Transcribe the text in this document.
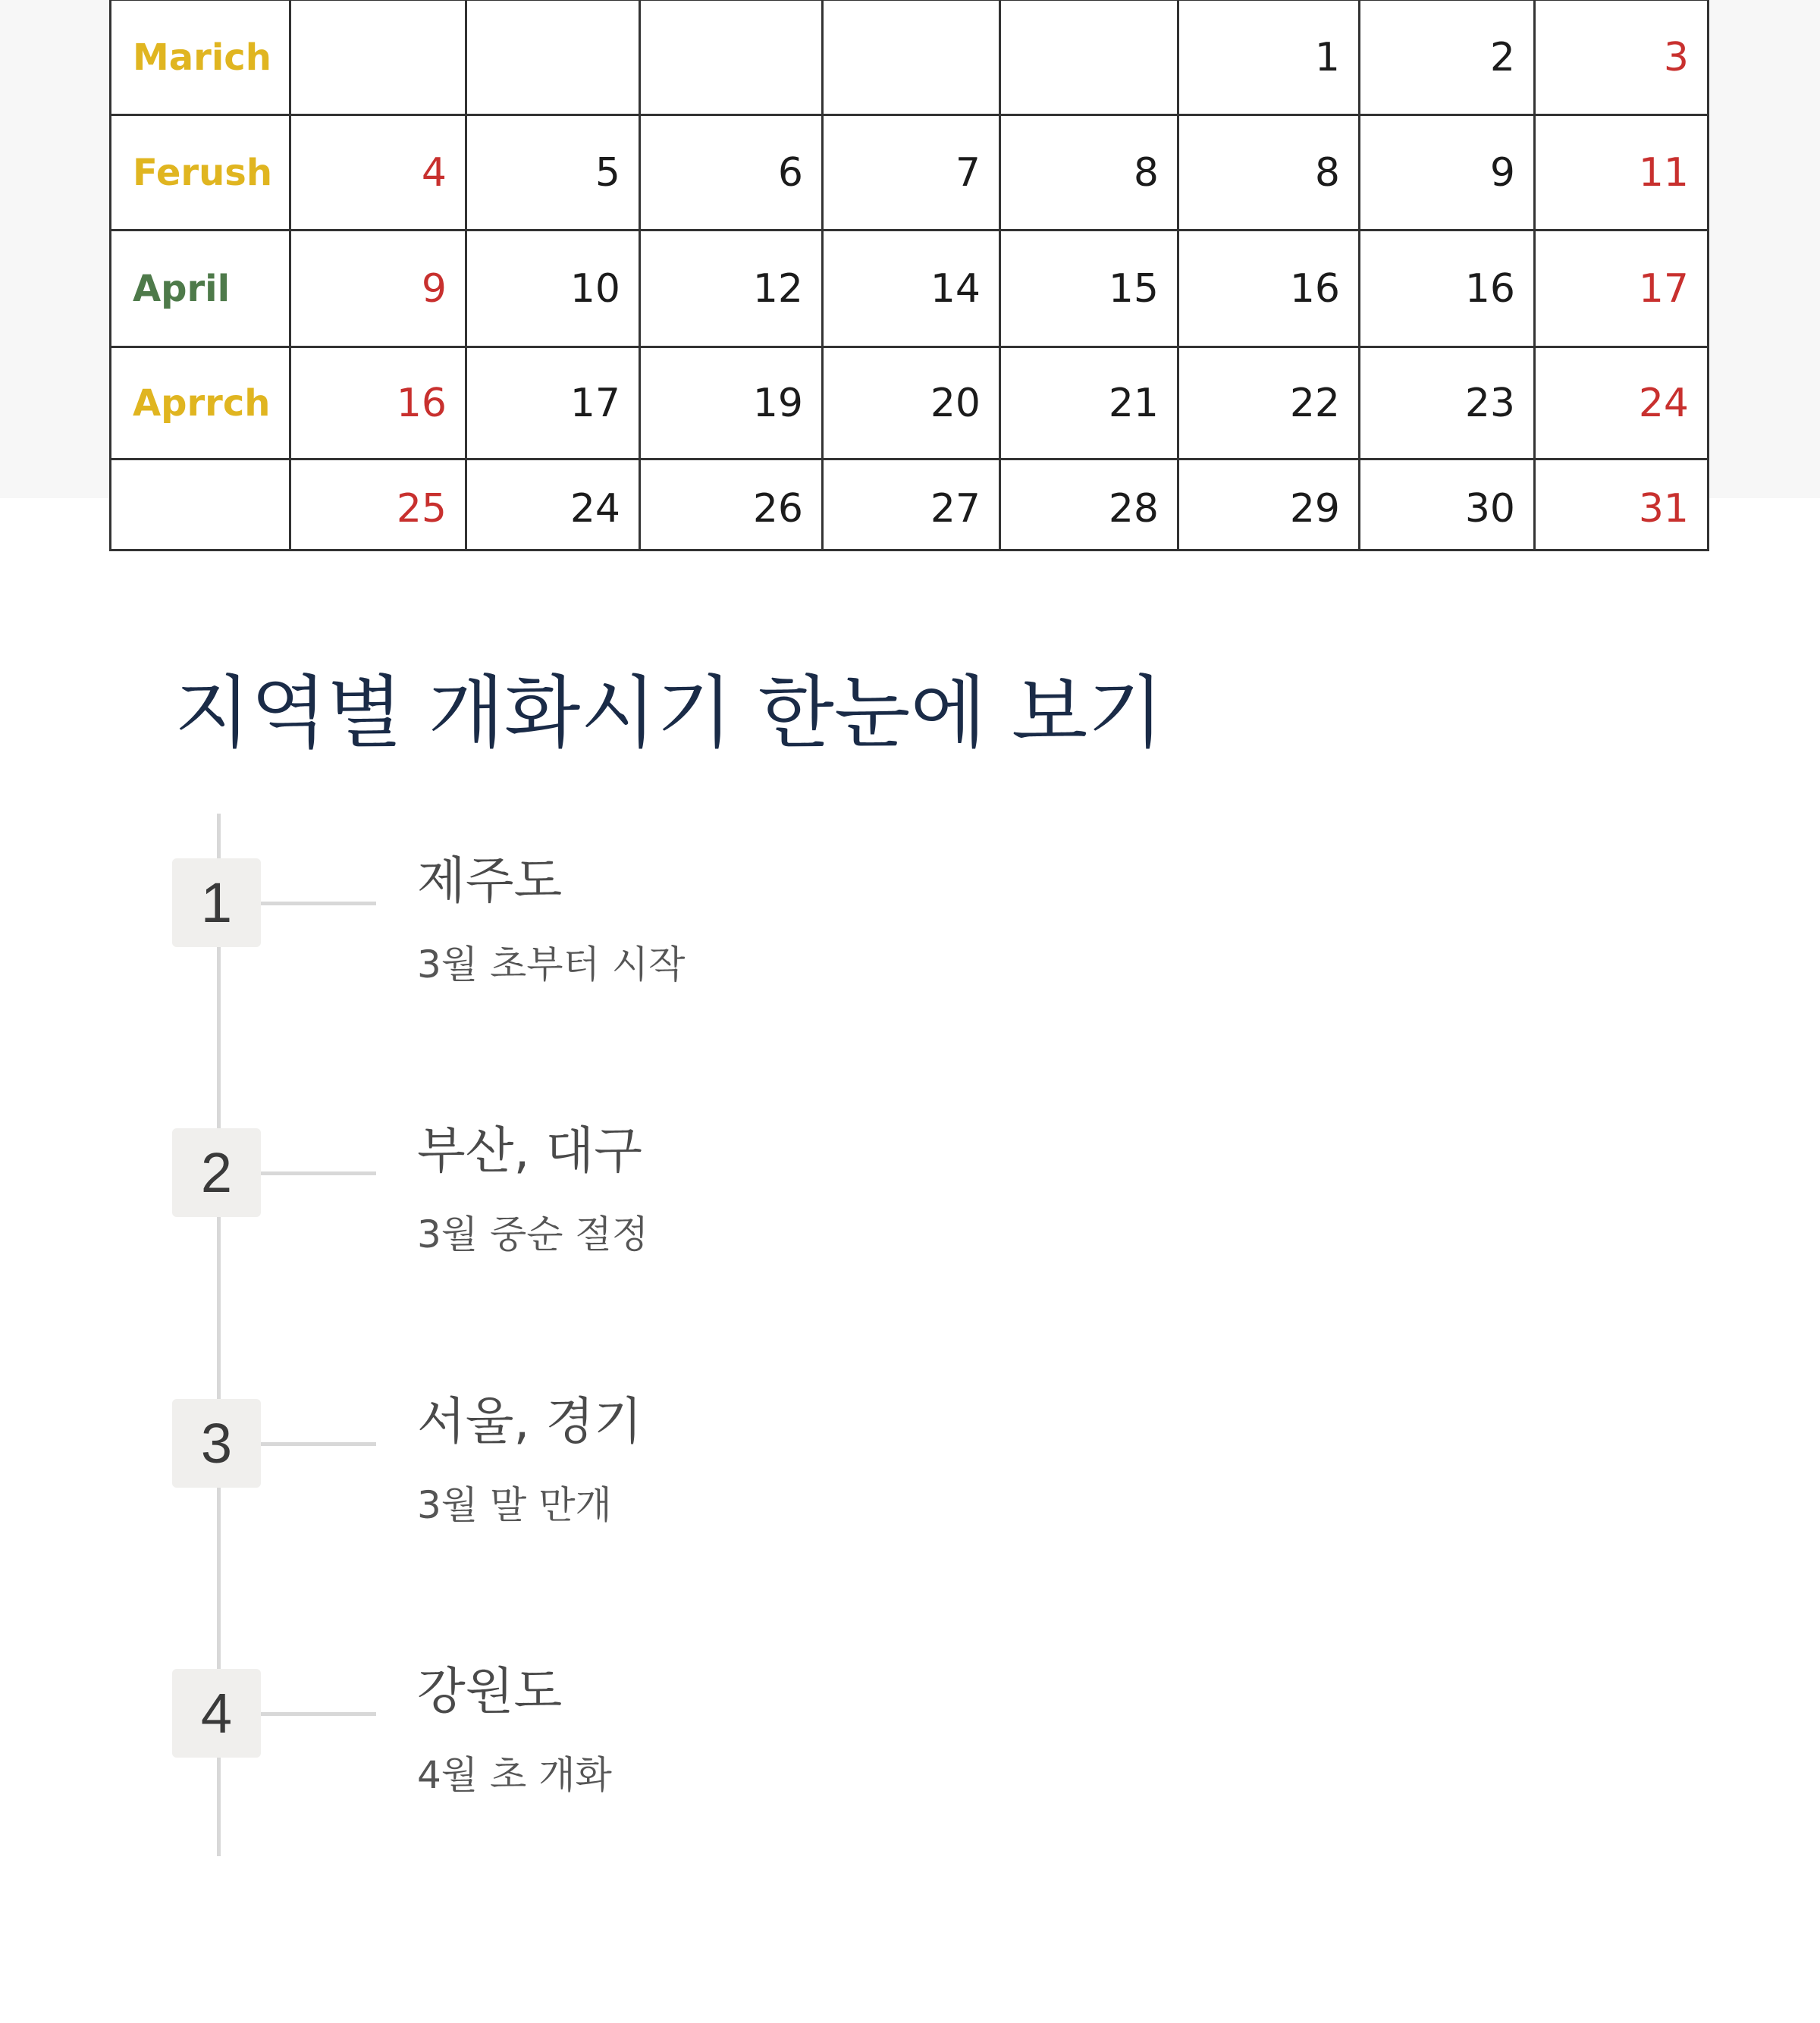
Marich						1	2	3
Ferush	4	5	6	7	8	8	9	11
April	9	10	12	14	15	16	16	17
Aprrch	16	17	19	20	21	22	23	24
	25	24	26	27	28	29	30	31
지역별 개화시기 한눈에 보기
1	제주도
3월 초부터 시작
2	부산, 대구
3월 중순 절정
3	서울, 경기
3월 말 만개
4	강원도
4월 초 개화
